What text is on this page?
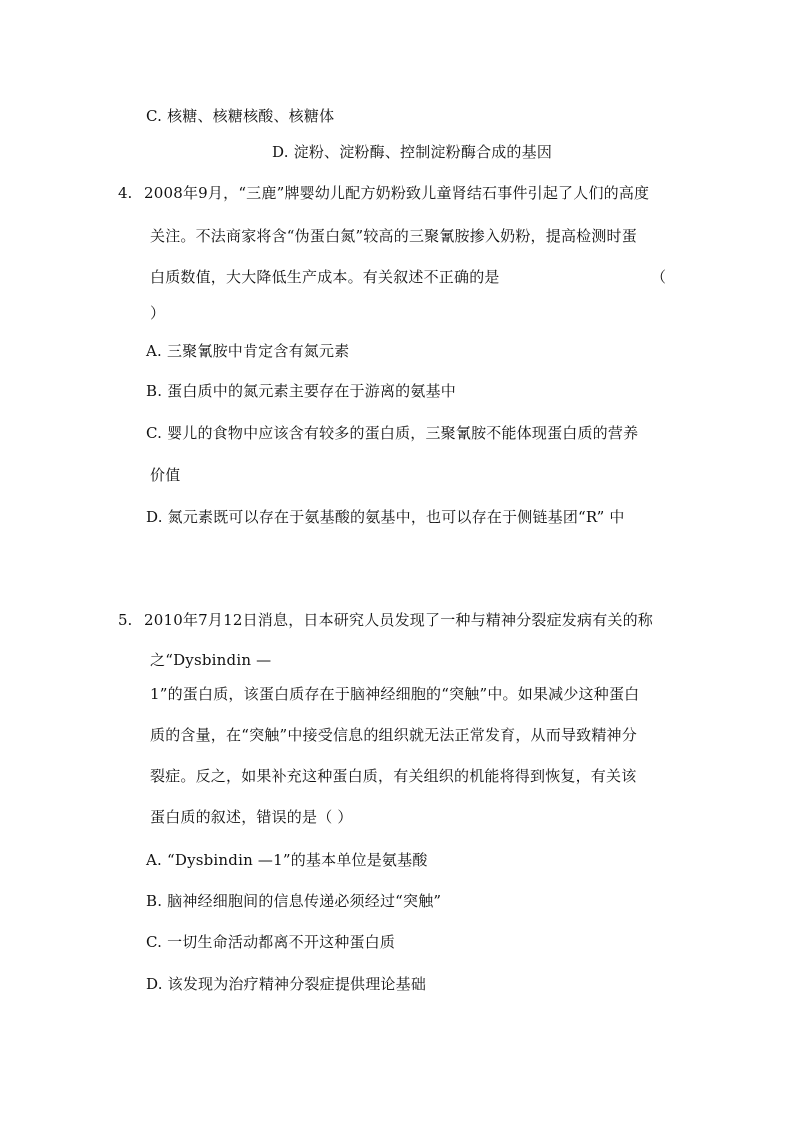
C. 核糖、核糖核酸、核糖体
D. 淀粉、淀粉酶、控制淀粉酶合成的基因
4. 2008年9月，“三鹿”牌婴幼儿配方奶粉致儿童肾结石事件引起了人们的高度
关注。不法商家将含“伪蛋白氮”较高的三聚氰胺掺入奶粉，提高检测时蛋
白质数值，大大降低生产成本。有关叙述不正确的是	（
）
A. 三聚氰胺中肯定含有氮元素
B. 蛋白质中的氮元素主要存在于游离的氨基中
C. 婴儿的食物中应该含有较多的蛋白质，三聚氰胺不能体现蛋白质的营养
价值
D. 氮元素既可以存在于氨基酸的氨基中，也可以存在于侧链基团“R” 中
5. 2010年7月12日消息，日本研究人员发现了一种与精神分裂症发病有关的称
之“Dysbindin —
1”的蛋白质，该蛋白质存在于脑神经细胞的“突触”中。如果减少这种蛋白
质的含量，在“突触”中接受信息的组织就无法正常发育，从而导致精神分
裂症。反之，如果补充这种蛋白质，有关组织的机能将得到恢复，有关该
蛋白质的叙述，错误的是（ ）
A. “Dysbindin —1”的基本单位是氨基酸
B. 脑神经细胞间的信息传递必须经过“突触”
C. 一切生命活动都离不开这种蛋白质
D. 该发现为治疗精神分裂症提供理论基础
